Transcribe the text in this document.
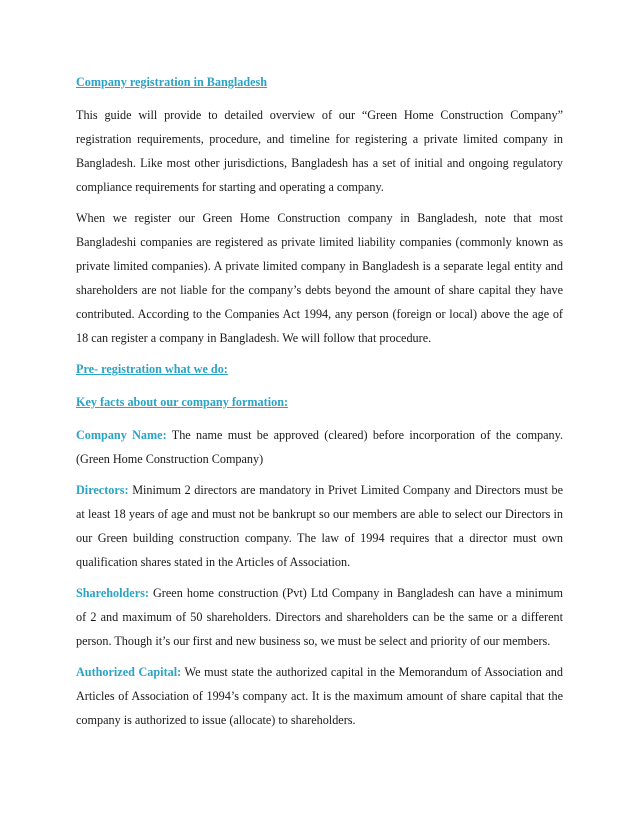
Company registration in Bangladesh

This guide will provide to detailed overview of our “Green Home Construction Company” registration requirements, procedure, and timeline for registering a private limited company in Bangladesh. Like most other jurisdictions, Bangladesh has a set of initial and ongoing regulatory compliance requirements for starting and operating a company.

When we register our Green Home Construction company in Bangladesh, note that most Bangladeshi companies are registered as private limited liability companies (commonly known as private limited companies). A private limited company in Bangladesh is a separate legal entity and shareholders are not liable for the company’s debts beyond the amount of share capital they have contributed. According to the Companies Act 1994, any person (foreign or local) above the age of 18 can register a company in Bangladesh. We will follow that procedure.

Pre- registration what we do:

Key facts about our company formation:

Company Name: The name must be approved (cleared) before incorporation of the company. (Green Home Construction Company)

Directors: Minimum 2 directors are mandatory in Privet Limited Company and Directors must be at least 18 years of age and must not be bankrupt so our members are able to select our Directors in our Green building construction company. The law of 1994 requires that a director must own qualification shares stated in the Articles of Association.

Shareholders: Green home construction (Pvt) Ltd Company in Bangladesh can have a minimum of 2 and maximum of 50 shareholders. Directors and shareholders can be the same or a different person. Though it’s our first and new business so, we must be select and priority of our members.

Authorized Capital: We must state the authorized capital in the Memorandum of Association and Articles of Association of 1994’s company act. It is the maximum amount of share capital that the company is authorized to issue (allocate) to shareholders.
